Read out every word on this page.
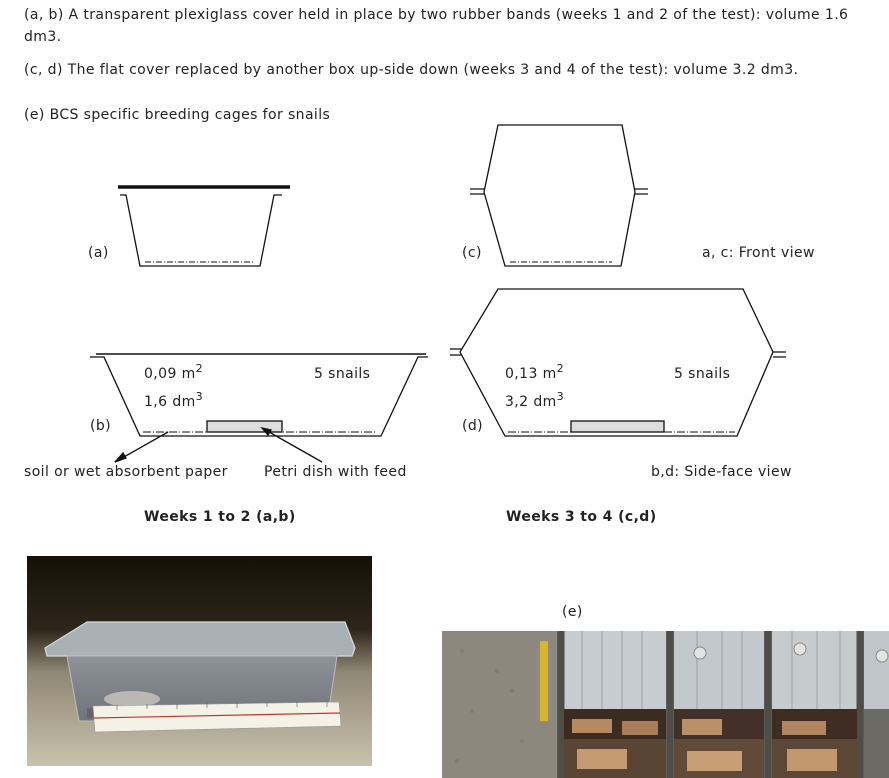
(a, b) A transparent plexiglass cover held in place by two rubber bands (weeks 1 and 2 of the test): volume 1.6 dm3.
(c, d) The flat cover replaced by another box up-side down (weeks 3 and 4 of the test): volume 3.2 dm3.
(e) BCS specific breeding cages for snails
(a)	(c)	a, c: Front view
(b)	(d)
0,09 $m^2$
1,6 $dm^3$
5 snails	0,13 $m^2$
3,2 $dm^3$
5 snails
soil or wet absorbent paper	Petri dish with feed	b,d: Side-face view
Weeks 1 to 2 (a,b)	Weeks 3 to 4 (c,d)
(e)
